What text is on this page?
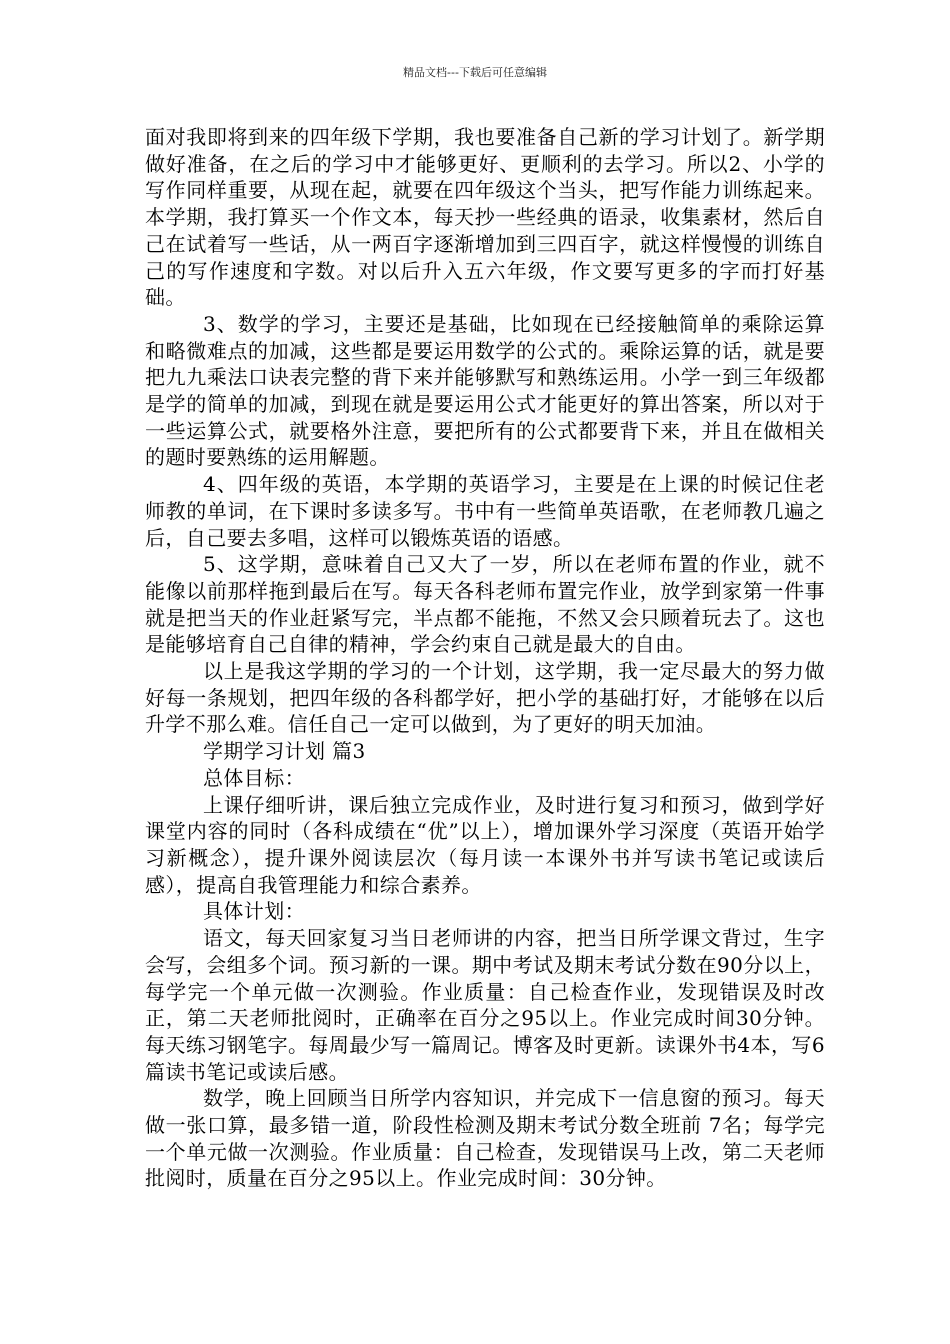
精品文档---下载后可任意编辑

面对我即将到来的四年级下学期，我也要准备自己新的学习计划了。新学期做好准备，在之后的学习中才能够更好、更顺利的去学习。所以2、小学的写作同样重要，从现在起，就要在四年级这个当头，把写作能力训练起来。本学期，我打算买一个作文本，每天抄一些经典的语录，收集素材，然后自己在试着写一些话，从一两百字逐渐增加到三四百字，就这样慢慢的训练自己的写作速度和字数。对以后升入五六年级，作文要写更多的字而打好基础。

3、数学的学习，主要还是基础，比如现在已经接触简单的乘除运算和略微难点的加减，这些都是要运用数学的公式的。乘除运算的话，就是要把九九乘法口诀表完整的背下来并能够默写和熟练运用。小学一到三年级都是学的简单的加减，到现在就是要运用公式才能更好的算出答案，所以对于一些运算公式，就要格外注意，要把所有的公式都要背下来，并且在做相关的题时要熟练的运用解题。

4、四年级的英语，本学期的英语学习，主要是在上课的时候记住老师教的单词，在下课时多读多写。书中有一些简单英语歌，在老师教几遍之后，自己要去多唱，这样可以锻炼英语的语感。

5、这学期，意味着自己又大了一岁，所以在老师布置的作业，就不能像以前那样拖到最后在写。每天各科老师布置完作业，放学到家第一件事就是把当天的作业赶紧写完，半点都不能拖，不然又会只顾着玩去了。这也是能够培育自己自律的精神，学会约束自己就是最大的自由。

以上是我这学期的学习的一个计划，这学期，我一定尽最大的努力做好每一条规划，把四年级的各科都学好，把小学的基础打好，才能够在以后升学不那么难。信任自己一定可以做到，为了更好的明天加油。

学期学习计划 篇3

总体目标：

上课仔细听讲，课后独立完成作业，及时进行复习和预习，做到学好课堂内容的同时（各科成绩在“优”以上），增加课外学习深度（英语开始学习新概念），提升课外阅读层次（每月读一本课外书并写读书笔记或读后感），提高自我管理能力和综合素养。

具体计划：

语文，每天回家复习当日老师讲的内容，把当日所学课文背过，生字会写，会组多个词。预习新的一课。期中考试及期末考试分数在90分以上，每学完一个单元做一次测验。作业质量：自己检查作业，发现错误及时改正，第二天老师批阅时，正确率在百分之95以上。作业完成时间30分钟。每天练习钢笔字。每周最少写一篇周记。博客及时更新。读课外书4本，写6篇读书笔记或读后感。

数学，晚上回顾当日所学内容知识，并完成下一信息窗的预习。每天做一张口算，最多错一道，阶段性检测及期末考试分数全班前 7名；每学完一个单元做一次测验。作业质量：自己检查，发现错误马上改，第二天老师批阅时，质量在百分之95以上。作业完成时间：30分钟。
